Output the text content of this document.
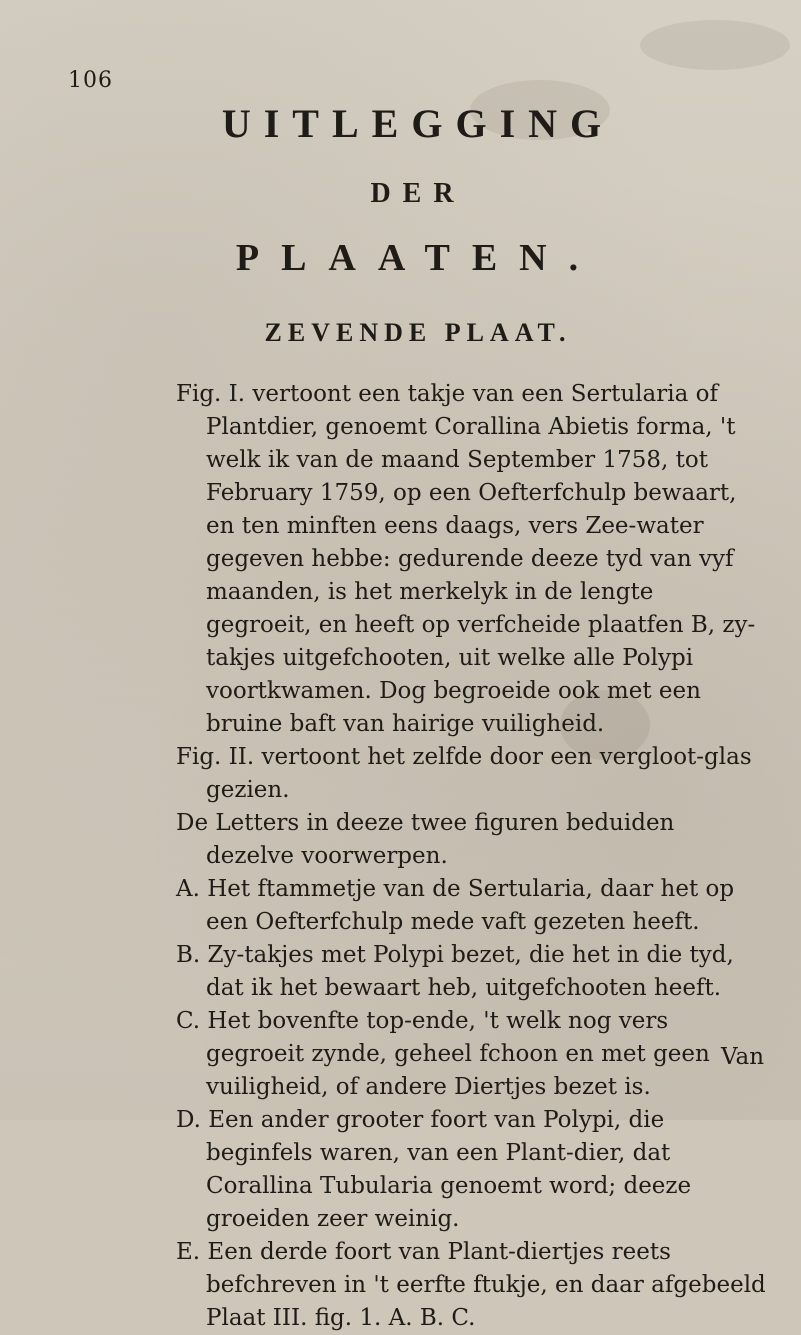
106
UITLEGGING
DER
PLAATEN.
ZEVENDE PLAAT.

Fig. I. vertoont een takje van een Sertularia of Plantdier, genoemt Corallina Abietis forma, 't welk ik van de maand September 1758, tot February 1759, op een Oefterfchulp bewaart, en ten minften eens daags, vers Zee-water gegeven hebbe: gedurende deeze tyd van vyf maanden, is het merkelyk in de lengte gegroeit, en heeft op verfcheide plaatfen B, zy-takjes uitgefchooten, uit welke alle Polypi voortkwamen. Dog begroeide ook met een bruine baft van hairige vuiligheid.

Fig. II. vertoont het zelfde door een vergloot-glas gezien.

De Letters in deeze twee figuren beduiden dezelve voorwerpen.

A. Het ftammetje van de Sertularia, daar het op een Oefterfchulp mede vaft gezeten heeft.

B. Zy-takjes met Polypi bezet, die het in die tyd, dat ik het bewaart heb, uitgefchooten heeft.

C. Het bovenfte top-ende, 't welk nog vers gegroeit zynde, geheel fchoon en met geen vuiligheid, of andere Diertjes bezet is.

D. Een ander grooter foort van Polypi, die beginfels waren, van een Plant-dier, dat Corallina Tubularia genoemt word; deeze groeiden zeer weinig.

E. Een derde foort van Plant-diertjes reets befchreven in 't eerfte ftukje, en daar afgebeeld Plaat III. fig. 1. A. B. C.

Van
